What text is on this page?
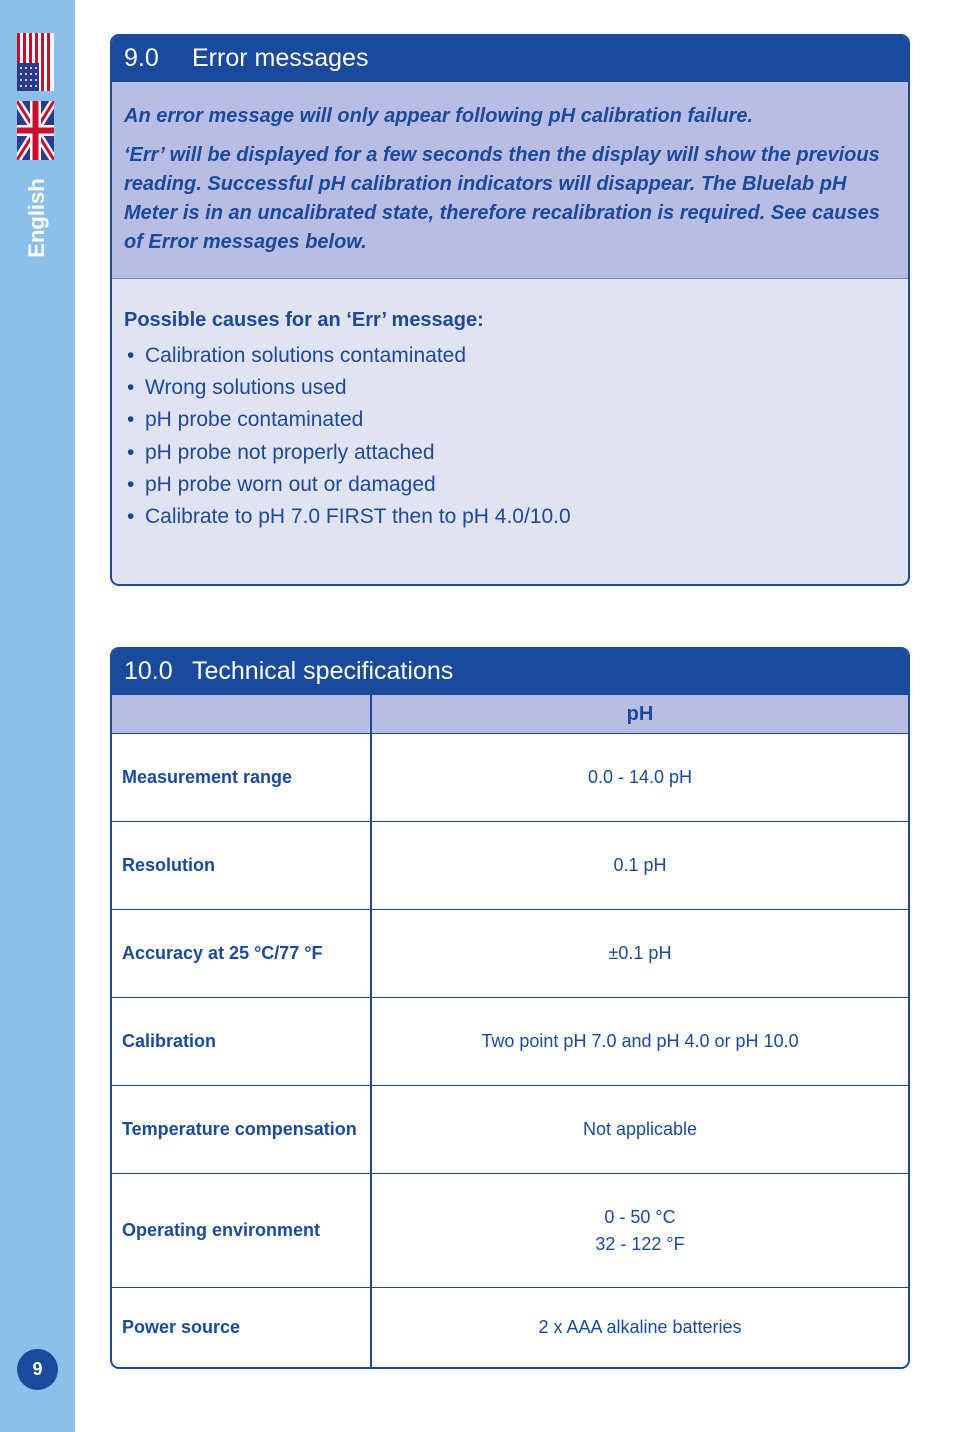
English
9
9.0 Error messages

An error message will only appear following pH calibration failure.

‘Err’ will be displayed for a few seconds then the display will show the previous reading. Successful pH calibration indicators will disappear. The Bluelab pH Meter is in an uncalibrated state, therefore recalibration is required. See causes of Error messages below.

Possible causes for an ‘Err’ message:
• Calibration solutions contaminated
• Wrong solutions used
• pH probe contaminated
• pH probe not properly attached
• pH probe worn out or damaged
• Calibrate to pH 7.0 FIRST then to pH 4.0/10.0
10.0 Technical specifications
	pH
Measurement range	0.0 - 14.0 pH
Resolution	0.1 pH
Accuracy at 25 °C/77 °F	±0.1 pH
Calibration	Two point pH 7.0 and pH 4.0 or pH 10.0
Temperature compensation	Not applicable
Operating environment	0 - 50 °C
32 - 122 °F

Power source	2 x AAA alkaline batteries
